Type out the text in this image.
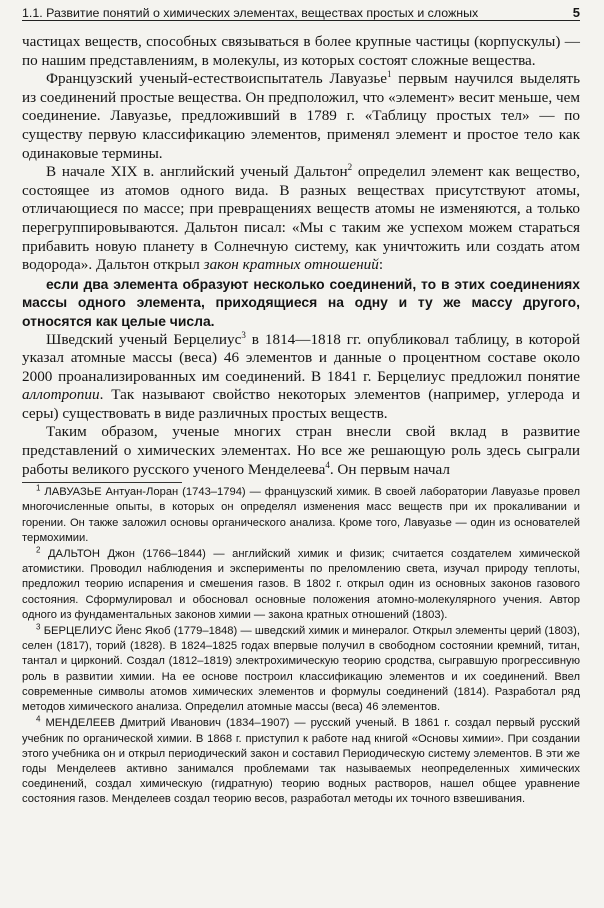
1.1. Развитие понятий о химических элементах, веществах простых и сложных	5

частицах веществ, способных связываться в более крупные частицы (корпускулы) — по нашим представлениям, в молекулы, из которых состоят сложные вещества.

Французский ученый-естествоиспытатель Лавуазье$^1$ первым научился выделять из соединений простые вещества. Он предположил, что «элемент» весит меньше, чем соединение. Лавуазье, предложивший в 1789 г. «Таблицу простых тел» — по существу первую классификацию элементов, применял элемент и простое тело как одинаковые термины.

В начале XIX в. английский ученый Дальтон$^2$ определил элемент как вещество, состоящее из атомов одного вида. В разных веществах присутствуют атомы, отличающиеся по массе; при превращениях веществ атомы не изменяются, а только перегруппировываются. Дальтон писал: «Мы с таким же успехом можем стараться прибавить новую планету в Солнечную систему, как уничтожить или создать атом водорода». Дальтон открыл закон кратных отношений:

если два элемента образуют несколько соединений, то в этих соединениях массы одного элемента, приходящиеся на одну и ту же массу другого, относятся как целые числа.

Шведский ученый Берцелиус$^3$ в 1814—1818 гг. опубликовал таблицу, в которой указал атомные массы (веса) 46 элементов и данные о процентном составе около 2000 проанализированных им соединений. В 1841 г. Берцелиус предложил понятие аллотропии. Так называют свойство некоторых элементов (например, углерода и серы) существовать в виде различных простых веществ.

Таким образом, ученые многих стран внесли свой вклад в развитие представлений о химических элементах. Но все же решающую роль здесь сыграли работы великого русского ученого Менделеева$^4$. Он первым начал

$^1$ ЛАВУАЗЬЕ Антуан-Лоран (1743–1794) — французский химик. В своей лаборатории Лавуазье провел многочисленные опыты, в которых он определял изменения масс веществ при их прокаливании и горении. Он также заложил основы органического анализа. Кроме того, Лавуазье — один из основателей термохимии.

$^2$ ДАЛЬТОН Джон (1766–1844) — английский химик и физик; считается создателем химической атомистики. Проводил наблюдения и эксперименты по преломлению света, изучал природу теплоты, предложил теорию испарения и смешения газов. В 1802 г. открыл один из основных законов газового состояния. Сформулировал и обосновал основные положения атомно-молекулярного учения. Автор одного из фундаментальных законов химии — закона кратных отношений (1803).

$^3$ БЕРЦЕЛИУС Йенс Якоб (1779–1848) — шведский химик и минералог. Открыл элементы церий (1803), селен (1817), торий (1828). В 1824–1825 годах впервые получил в свободном состоянии кремний, титан, тантал и цирконий. Создал (1812–1819) электрохимическую теорию сродства, сыгравшую прогрессивную роль в развитии химии. На ее основе построил классификацию элементов и их соединений. Ввел современные символы атомов химических элементов и формулы соединений (1814). Разработал ряд методов химического анализа. Определил атомные массы (веса) 46 элементов.

$^4$ МЕНДЕЛЕЕВ Дмитрий Иванович (1834–1907) — русский ученый. В 1861 г. создал первый русский учебник по органической химии. В 1868 г. приступил к работе над книгой «Основы химии». При создании этого учебника он и открыл периодический закон и составил Периодическую систему элементов. В эти же годы Менделеев активно занимался проблемами так называемых неопределенных химических соединений, создал химическую (гидратную) теорию водных растворов, нашел общее уравнение состояния газов. Менделеев создал теорию весов, разработал методы их точного взвешивания.
